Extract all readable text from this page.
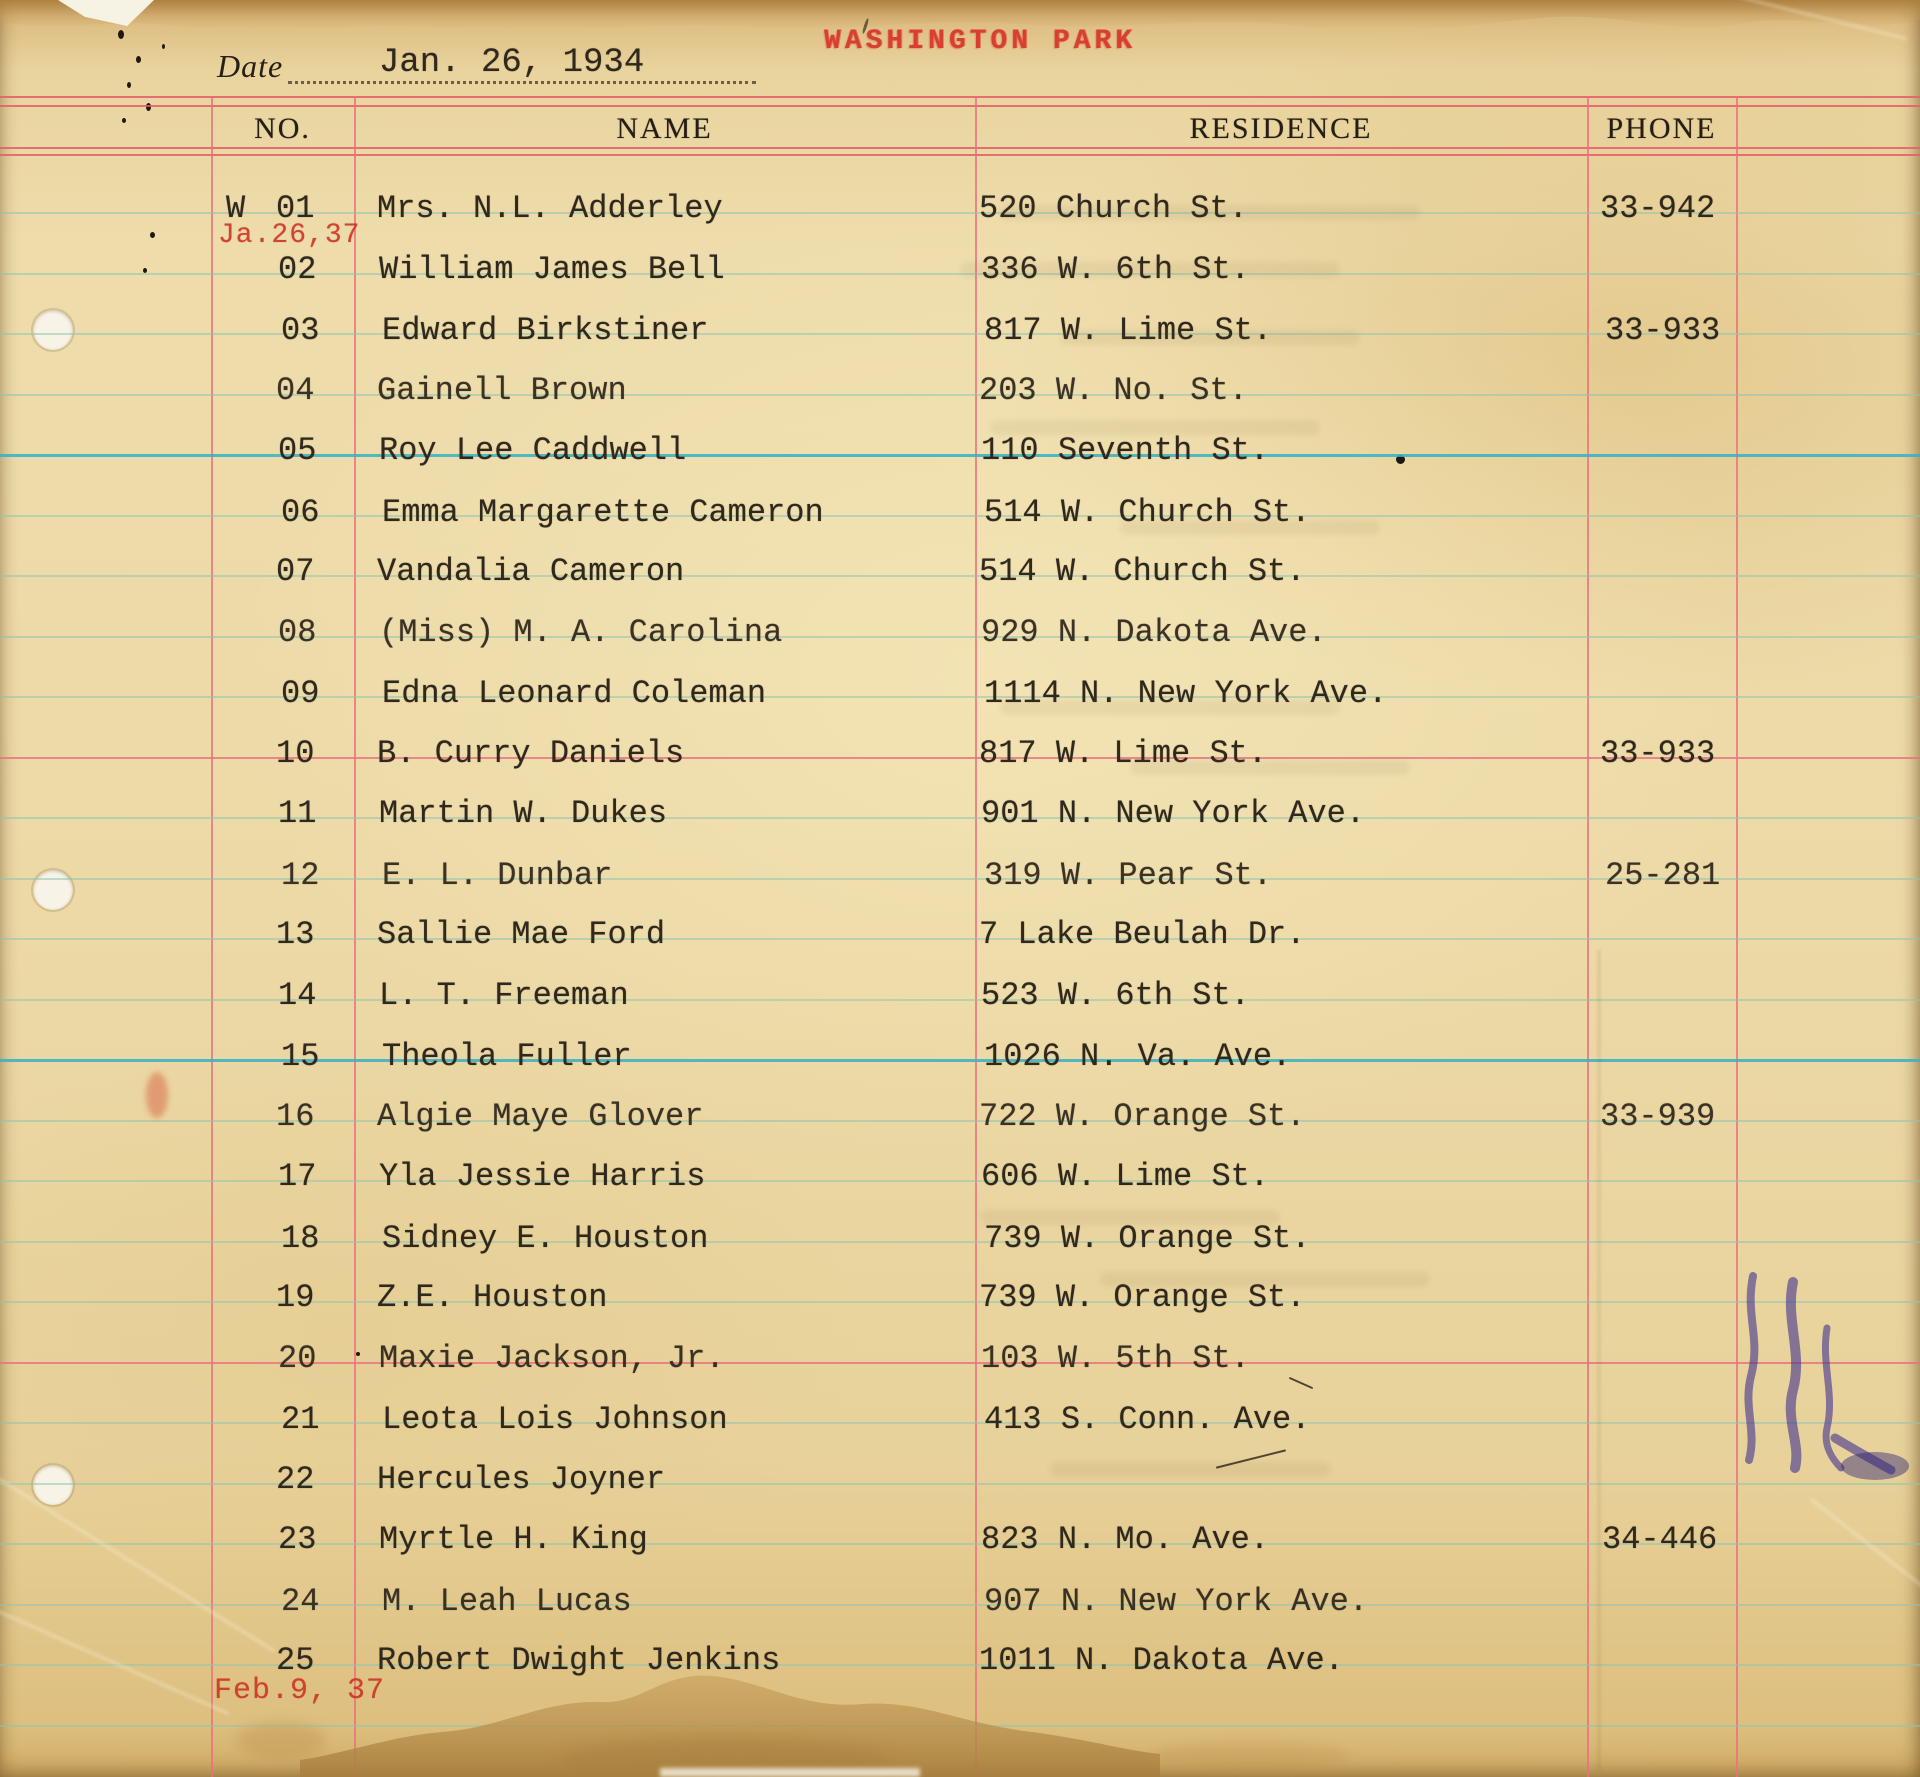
WASHINGTON PARK
Date	Jan. 26, 1934
NO.	NAME	RESIDENCE	PHONE
W 01 Mrs. N.L. Adderley	520 Church St.	33-942
02 William James Bell	336 W. 6th St.
03 Edward Birkstiner	817 W. Lime St.	33-933
04 Gainell Brown	203 W. No. St.
05 Roy Lee Caddwell	110 Seventh St.
06 Emma Margarette Cameron	514 W. Church St.
07 Vandalia Cameron	514 W. Church St.
08 (Miss) M. A. Carolina	929 N. Dakota Ave.
09 Edna Leonard Coleman	1114 N. New York Ave.
10 B. Curry Daniels	817 W. Lime St.	33-933
11 Martin W. Dukes	901 N. New York Ave.
12 E. L. Dunbar	319 W. Pear St.	25-281
13 Sallie Mae Ford	7 Lake Beulah Dr.
14 L. T. Freeman	523 W. 6th St.
15 Theola Fuller	1026 N. Va. Ave.
16 Algie Maye Glover	722 W. Orange St.	33-939
17 Yla Jessie Harris	606 W. Lime St.
18 Sidney E. Houston	739 W. Orange St.
19 Z.E. Houston	739 W. Orange St.
20 Maxie Jackson, Jr.	103 W. 5th St.
21 Leota Lois Johnson	413 S. Conn. Ave.
22 Hercules Joyner
23 Myrtle H. King	823 N. Mo. Ave.	34-446
24 M. Leah Lucas	907 N. New York Ave.
25 Robert Dwight Jenkins	1011 N. Dakota Ave.
Ja.26,37
Feb.9, 37
